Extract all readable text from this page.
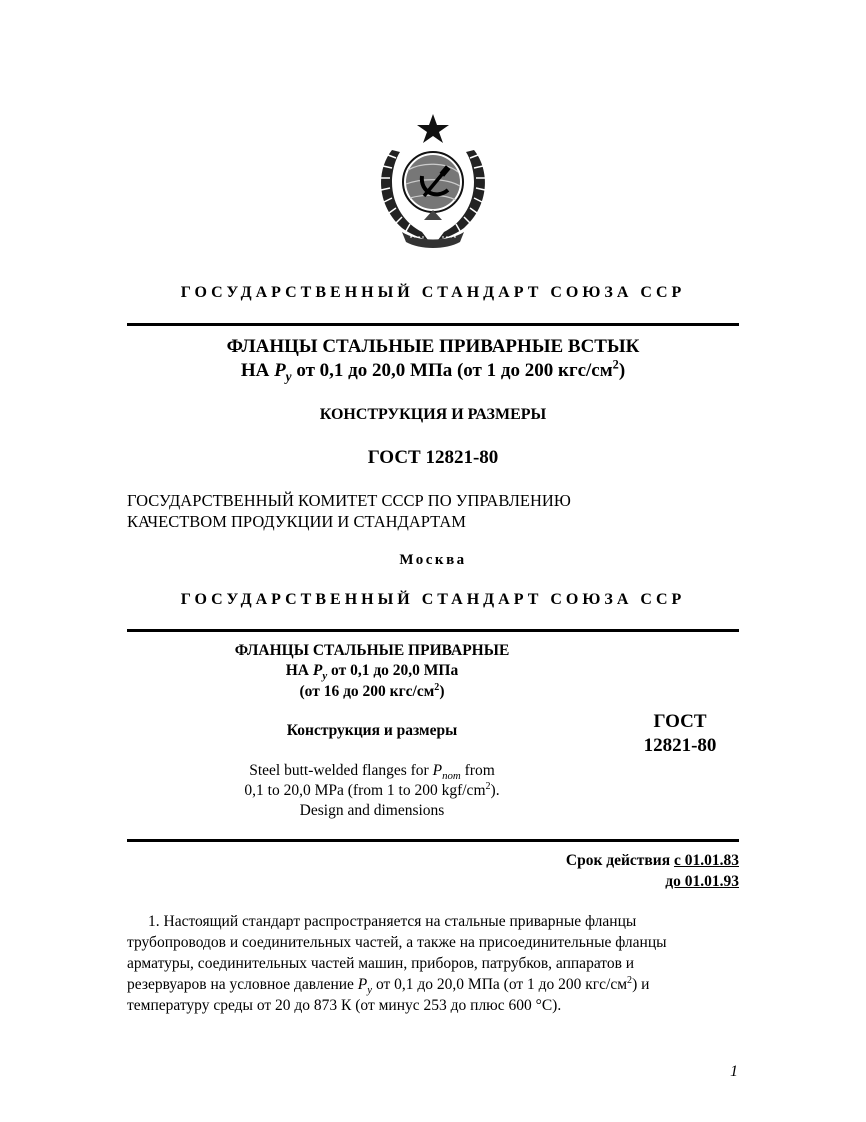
ГОСУДАРСТВЕННЫЙ СТАНДАРТ СОЮЗА ССР
ФЛАНЦЫ СТАЛЬНЫЕ ПРИВАРНЫЕ ВСТЫК
НА $P_у$ от 0,1 до 20,0 МПа (от 1 до 200 кгс/$см^2$)
КОНСТРУКЦИЯ И РАЗМЕРЫ
ГОСТ 12821-80
ГОСУДАРСТВЕННЫЙ КОМИТЕТ СССР ПО УПРАВЛЕНИЮ
КАЧЕСТВОМ ПРОДУКЦИИ И СТАНДАРТАМ
Москва
ГОСУДАРСТВЕННЫЙ СТАНДАРТ СОЮЗА ССР
ФЛАНЦЫ СТАЛЬНЫЕ ПРИВАРНЫЕ
НА $P_у$ от 0,1 до 20,0 МПа
(от 16 до 200 кгс/$см^2$)
Конструкция и размеры	ГОСТ
12821-80
Steel butt-welded flanges for $P_{nom}$ from
0,1 to 20,0 MPa (from 1 to 200 kgf/$cm^2$).
Design and dimensions
Срок действия с 01.01.83
до 01.01.93
1. Настоящий стандарт распространяется на стальные приварные фланцы
трубопроводов и соединительных частей, а также на присоединительные фланцы
арматуры, соединительных частей машин, приборов, патрубков, аппаратов и
резервуаров на условное давление $P_у$ от 0,1 до 20,0 МПа (от 1 до 200 кгс/$см^2$) и
температуру среды от 20 до 873 К (от минус 253 до плюс 600 °С).
1
